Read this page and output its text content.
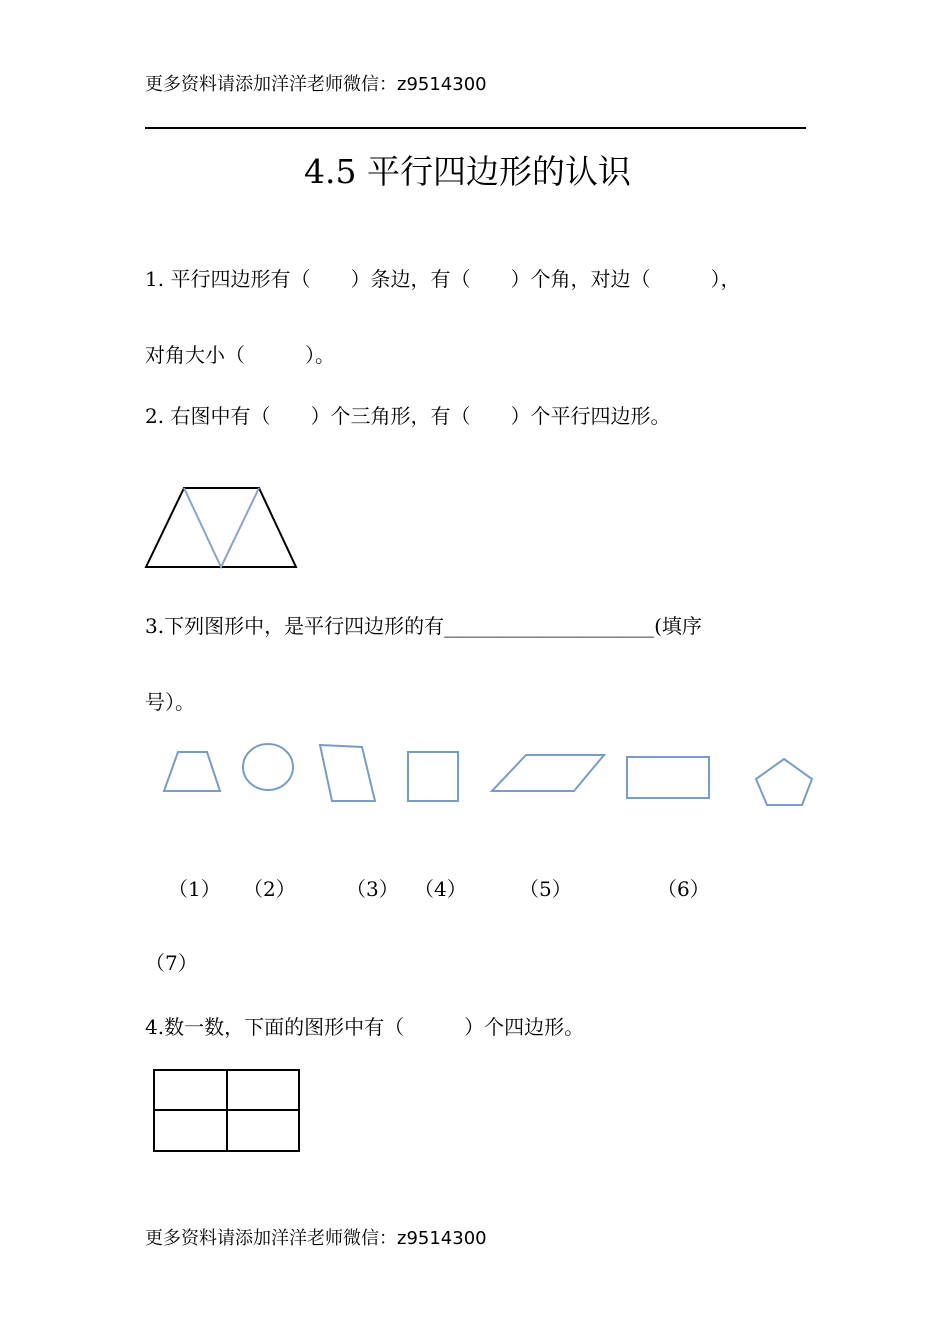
更多资料请添加洋洋老师微信：z9514300
4.5 平行四边形的认识
1. 平行四边形有（　　）条边，有（　　）个角，对边（　　　），
对角大小（　　　）。
2. 右图中有（　　）个三角形，有（　　）个平行四边形。
3.下列图形中，是平行四边形的有_____________________(填序
号）。
（1） （2）	（3） （4）	（5）	（6）
（7）
4.数一数，下面的图形中有（　　　）个四边形。
更多资料请添加洋洋老师微信：z9514300
